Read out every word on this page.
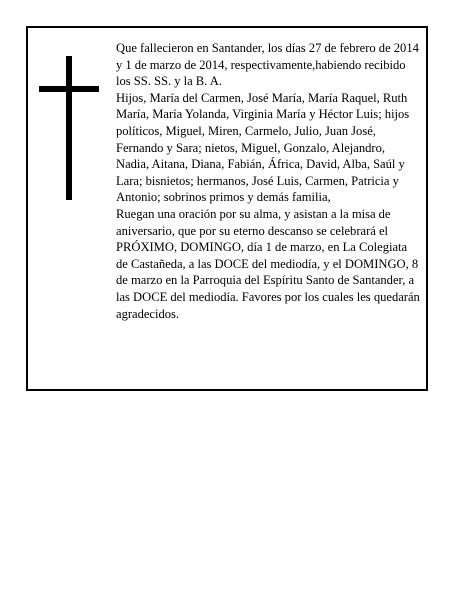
Que fallecieron en Santander, los días 27 de febrero de 2014 y 1 de marzo de 2014, respectivamente,habiendo recibido los SS. SS. y la B. A.

Hijos, María del Carmen, José María, María Raquel, Ruth María, María Yolanda, Virginia María y Héctor Luis; hijos políticos, Miguel, Miren, Carmelo, Julio, Juan José, Fernando y Sara; nietos, Miguel, Gonzalo, Alejandro, Nadia, Aitana, Diana, Fabián, África, David, Alba, Saúl y Lara; bisnietos; hermanos, José Luis, Carmen, Patricia y Antonio; sobrinos primos y demás familia,

Ruegan una oración por su alma, y asistan a la misa de aniversario, que por su eterno descanso se celebrará el PRÓXIMO, DOMINGO, día 1 de marzo, en La Colegiata de Castañeda, a las DOCE del mediodía, y el DOMINGO, 8 de marzo en la Parroquia del Espíritu Santo de Santander, a las DOCE del mediodía. Favores por los cuales les quedarán agradecidos.
